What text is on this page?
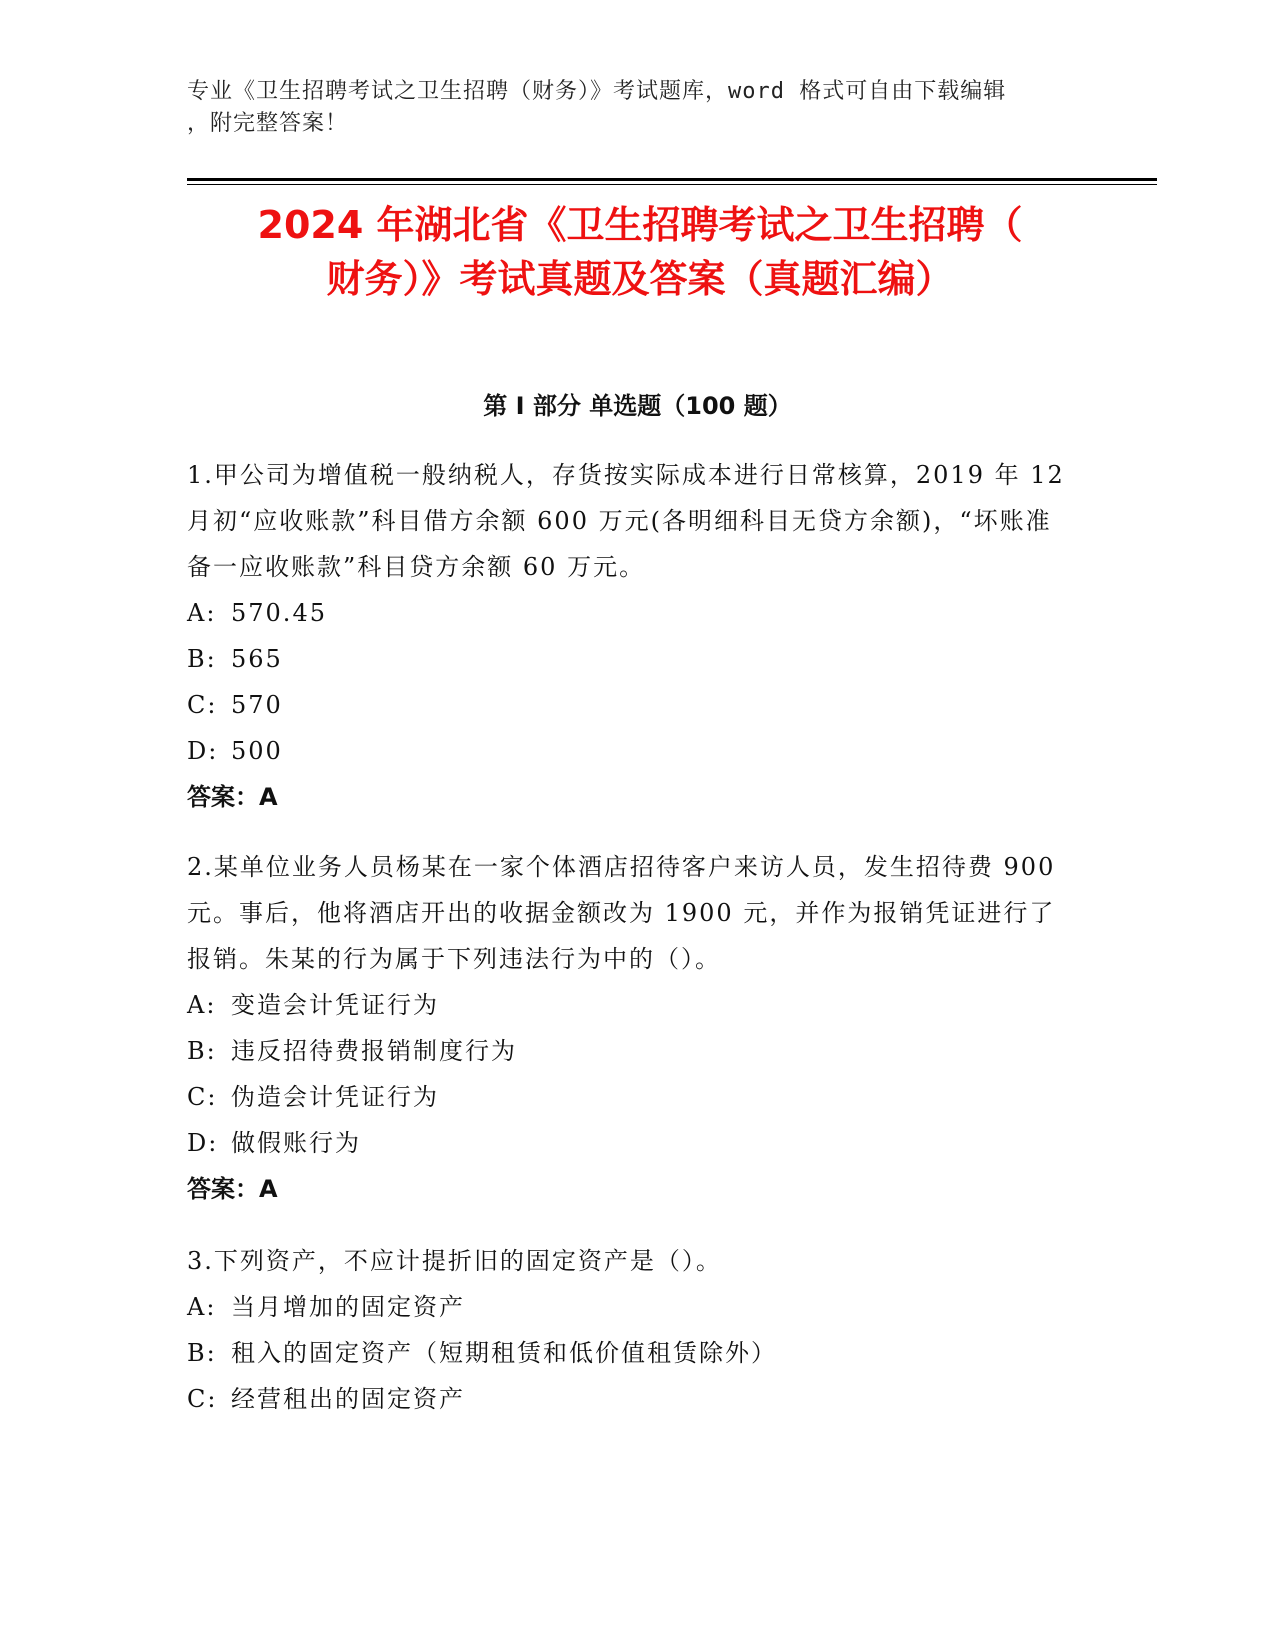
专业《卫生招聘考试之卫生招聘（财务）》考试题库，word 格式可自由下载编辑
，附完整答案！
2024 年湖北省《卫生招聘考试之卫生招聘（
财务）》考试真题及答案（真题汇编）
第 I 部分 单选题（100 题）

1.甲公司为增值税一般纳税人，存货按实际成本进行日常核算，2019 年 12 月初“应收账款”科目借方余额 600 万元(各明细科目无贷方余额)，“坏账准备一应收账款”科目贷方余额 60 万元。

A: 570.45

B: 565

C: 570

D: 500

答案：A

2.某单位业务人员杨某在一家个体酒店招待客户来访人员，发生招待费 900 元。事后，他将酒店开出的收据金额改为 1900 元，并作为报销凭证进行了报销。朱某的行为属于下列违法行为中的（）。

A: 变造会计凭证行为

B: 违反招待费报销制度行为

C: 伪造会计凭证行为

D: 做假账行为

答案：A

3.下列资产，不应计提折旧的固定资产是（）。

A: 当月增加的固定资产

B: 租入的固定资产（短期租赁和低价值租赁除外）

C: 经营租出的固定资产
